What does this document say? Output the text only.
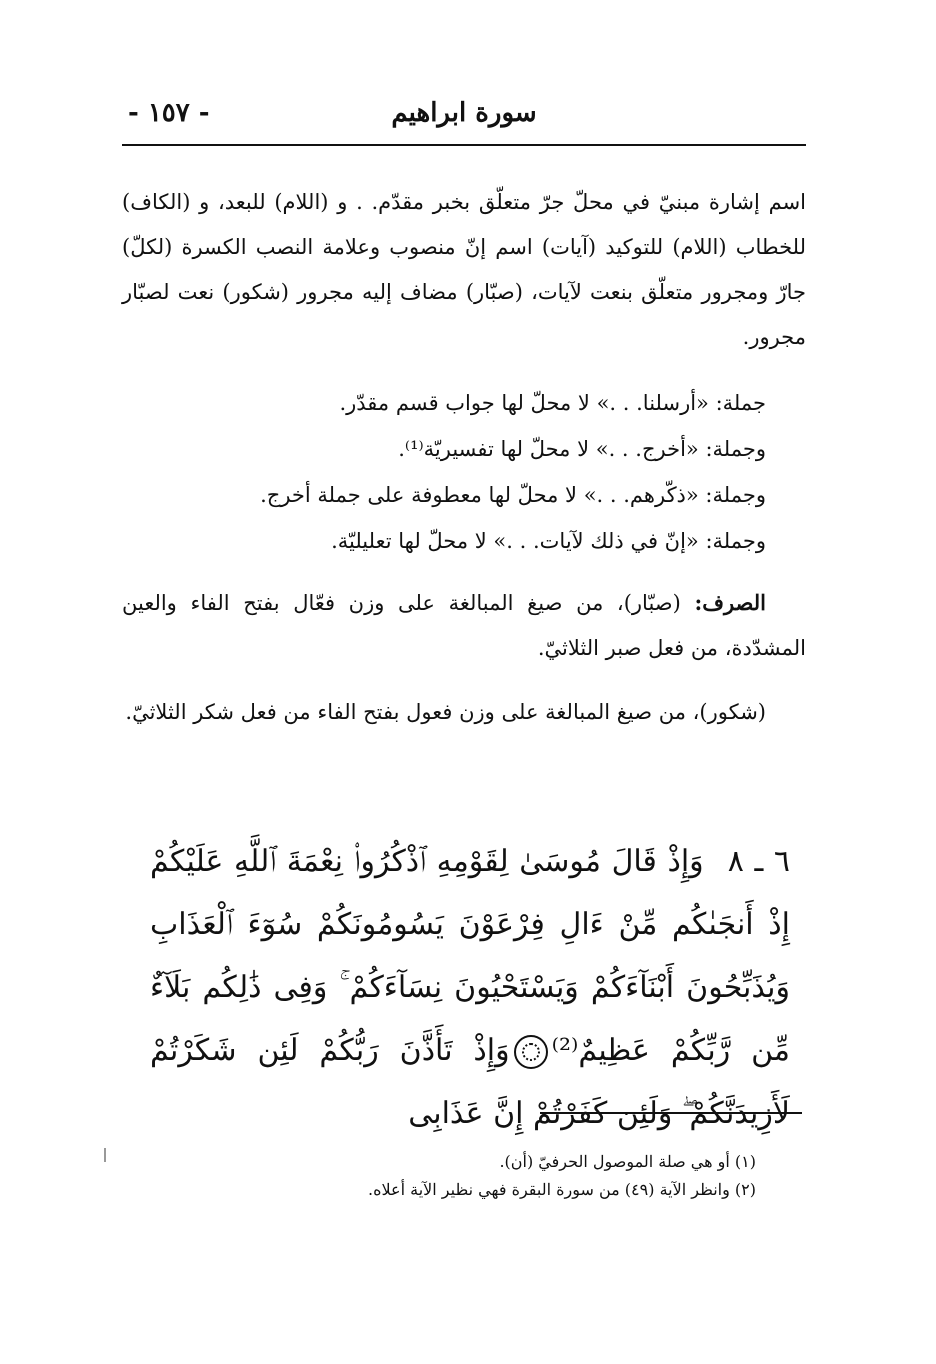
سورة ابراهيم
- ١٥٧ -

اسم إشارة مبنيّ في محلّ جرّ متعلّق بخبر مقدّم. . و (اللام) للبعد، و (الكاف) للخطاب (اللام) للتوكيد (آيات) اسم إنّ منصوب وعلامة النصب الكسرة (لكلّ) جارّ ومجرور متعلّق بنعت لآيات، (صبّار) مضاف إليه مجرور (شكور) نعت لصبّار مجرور.

جملة: «أرسلنا. . .» لا محلّ لها جواب قسم مقدّر.

وجملة: «أخرج. . .» لا محلّ لها تفسيريّة⁽¹⁾.

وجملة: «ذكّرهم. . .» لا محلّ لها معطوفة على جملة أخرج.

وجملة: «إنّ في ذلك لآيات. . .» لا محلّ لها تعليليّة.

الصرف: (صبّار)، من صيغ المبالغة على وزن فعّال بفتح الفاء والعين المشدّدة، من فعل صبر الثلاثيّ.

(شكور)، من صيغ المبالغة على وزن فعول بفتح الفاء من فعل شكر الثلاثيّ.

٦ ـ ٨وَإِذْ قَالَ مُوسَىٰ لِقَوْمِهِ ٱذْكُرُوا۟ نِعْمَةَ ٱللَّهِ عَلَيْكُمْ إِذْ أَنجَىٰكُم مِّنْ ءَالِ فِرْعَوْنَ يَسُومُونَكُمْ سُوٓءَ ٱلْعَذَابِ وَيُذَبِّحُونَ أَبْنَآءَكُمْ وَيَسْتَحْيُونَ نِسَآءَكُمْ ۚ وَفِى ذَٰلِكُم بَلَآءٌ مِّن رَّبِّكُمْ عَظِيمٌ⁽²⁾وَإِذْ تَأَذَّنَ رَبُّكُمْ لَئِن شَكَرْتُمْ لَأَزِيدَنَّكُمْ ۖ وَلَئِن كَفَرْتُمْ إِنَّ عَذَابِى

(١) أو هي صلة الموصول الحرفيّ (أن).

(٢) وانظر الآية (٤٩) من سورة البقرة فهي نظير الآية أعلاه.
